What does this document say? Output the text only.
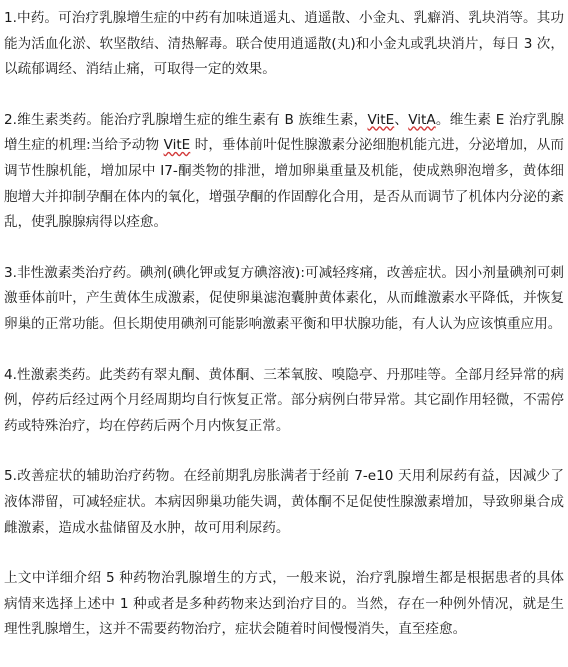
1.中药。可治疗乳腺增生症的中药有加味逍遥丸、逍遥散、小金丸、乳癖消、乳块消等。其功能为活血化淤、软坚散结、清热解毒。联合使用逍遥散(丸)和小金丸或乳块消片，每日 3 次，以疏郁调经、消结止痛，可取得一定的效果。

2.维生素类药。能治疗乳腺增生症的维生素有 B 族维生素，VitE、VitA。维生素 E 治疗乳腺增生症的机理:当给予动物 VitE 时，垂体前叶促性腺激素分泌细胞机能亢进，分泌增加，从而调节性腺机能，增加尿中 I7-酮类物的排泄，增加卵巢重量及机能，使成熟卵泡增多，黄体细胞增大并抑制孕酮在体内的氧化，增强孕酮的作固醇化合用，是否从而调节了机体内分泌的紊乱，使乳腺腺病得以痊愈。

3.非性激素类治疗药。碘剂(碘化钾或复方碘溶液):可减轻疼痛，改善症状。因小剂量碘剂可刺激垂体前叶，产生黄体生成激素，促使卵巢滤泡囊肿黄体素化，从而雌激素水平降低，并恢复卵巢的正常功能。但长期使用碘剂可能影响激素平衡和甲状腺功能，有人认为应该慎重应用。

4.性激素类药。此类药有翠丸酮、黄体酮、三苯氧胺、嗅隐亭、丹那哇等。全部月经异常的病例，停药后经过两个月经周期均自行恢复正常。部分病例白带异常。其它副作用轻微，不需停药或特殊治疗，均在停药后两个月内恢复正常。

5.改善症状的辅助治疗药物。在经前期乳房胀满者于经前 7-e10 天用利尿药有益，因减少了液体滞留，可减轻症状。本病因卵巢功能失调，黄体酮不足促使性腺激素增加，导致卵巢合成雌激素，造成水盐储留及水肿，故可用利尿药。

上文中详细介绍 5 种药物治乳腺增生的方式，一般来说，治疗乳腺增生都是根据患者的具体病情来选择上述中 1 种或者是多种药物来达到治疗目的。当然，存在一种例外情况，就是生理性乳腺增生，这并不需要药物治疗，症状会随着时间慢慢消失，直至痊愈。
